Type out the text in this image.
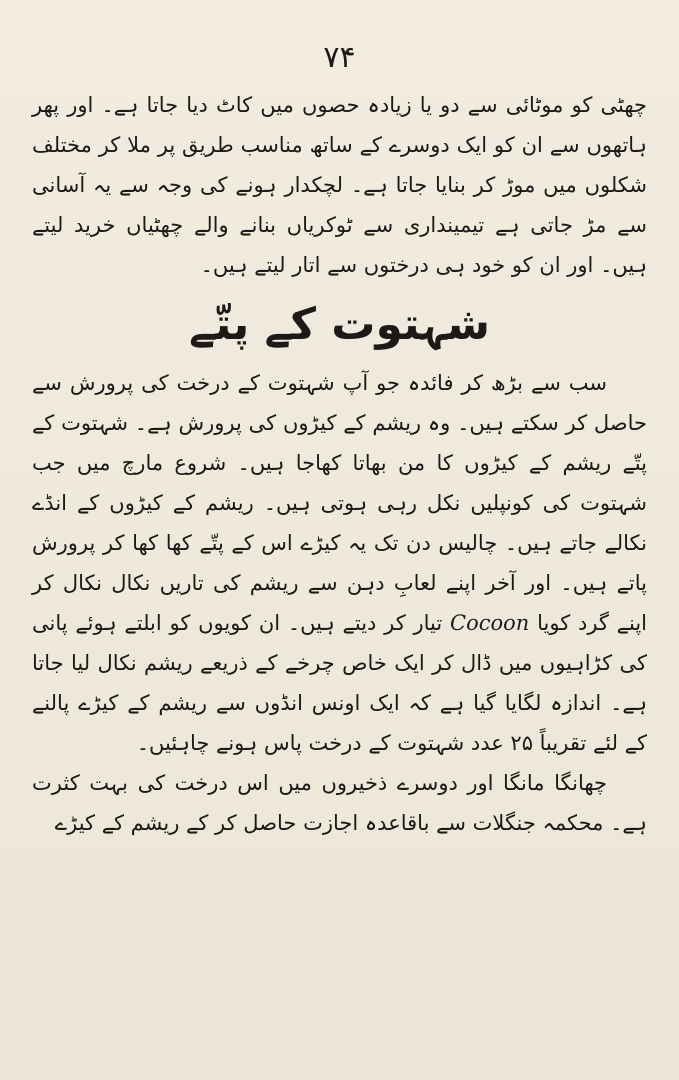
۷۴

چھٹی کو موٹائی سے دو یا زیادہ حصوں میں کاٹ دیا جاتا ہے۔ اور پھر ہاتھوں سے ان کو ایک دوسرے کے ساتھ مناسب طریق پر ملا کر مختلف شکلوں میں موڑ کر بنایا جاتا ہے۔ لچکدار ہونے کی وجہ سے یہ آسانی سے مڑ جاتی ہے تیمینداری سے ٹوکریاں بنانے والے چھٹیاں خرید لیتے ہیں۔ اور ان کو خود ہی درختوں سے اتار لیتے ہیں۔

شہتوت کے پتّے

سب سے بڑھ کر فائدہ جو آپ شہتوت کے درخت کی پرورش سے حاصل کر سکتے ہیں۔ وہ ریشم کے کیڑوں کی پرورش ہے۔ شہتوت کے پتّے ریشم کے کیڑوں کا من بھاتا کھاجا ہیں۔ شروع مارچ میں جب شہتوت کی کونپلیں نکل رہی ہوتی ہیں۔ ریشم کے کیڑوں کے انڈے نکالے جاتے ہیں۔ چالیس دن تک یہ کیڑے اس کے پتّے کھا کھا کر پرورش پاتے ہیں۔ اور آخر اپنے لعابِ دہن سے ریشم کی تاریں نکال نکال کر اپنے گرد کویا Cocoon تیار کر دیتے ہیں۔ ان کویوں کو ابلتے ہوئے پانی کی کڑاہیوں میں ڈال کر ایک خاص چرخے کے ذریعے ریشم نکال لیا جاتا ہے۔ اندازہ لگایا گیا ہے کہ ایک اونس انڈوں سے ریشم کے کیڑے پالنے کے لئے تقریباً ۲۵ عدد شہتوت کے درخت پاس ہونے چاہئیں۔

چھانگا مانگا اور دوسرے ذخیروں میں اس درخت کی بہت کثرت ہے۔ محکمہ جنگلات سے باقاعدہ اجازت حاصل کر کے ریشم کے کیڑے
